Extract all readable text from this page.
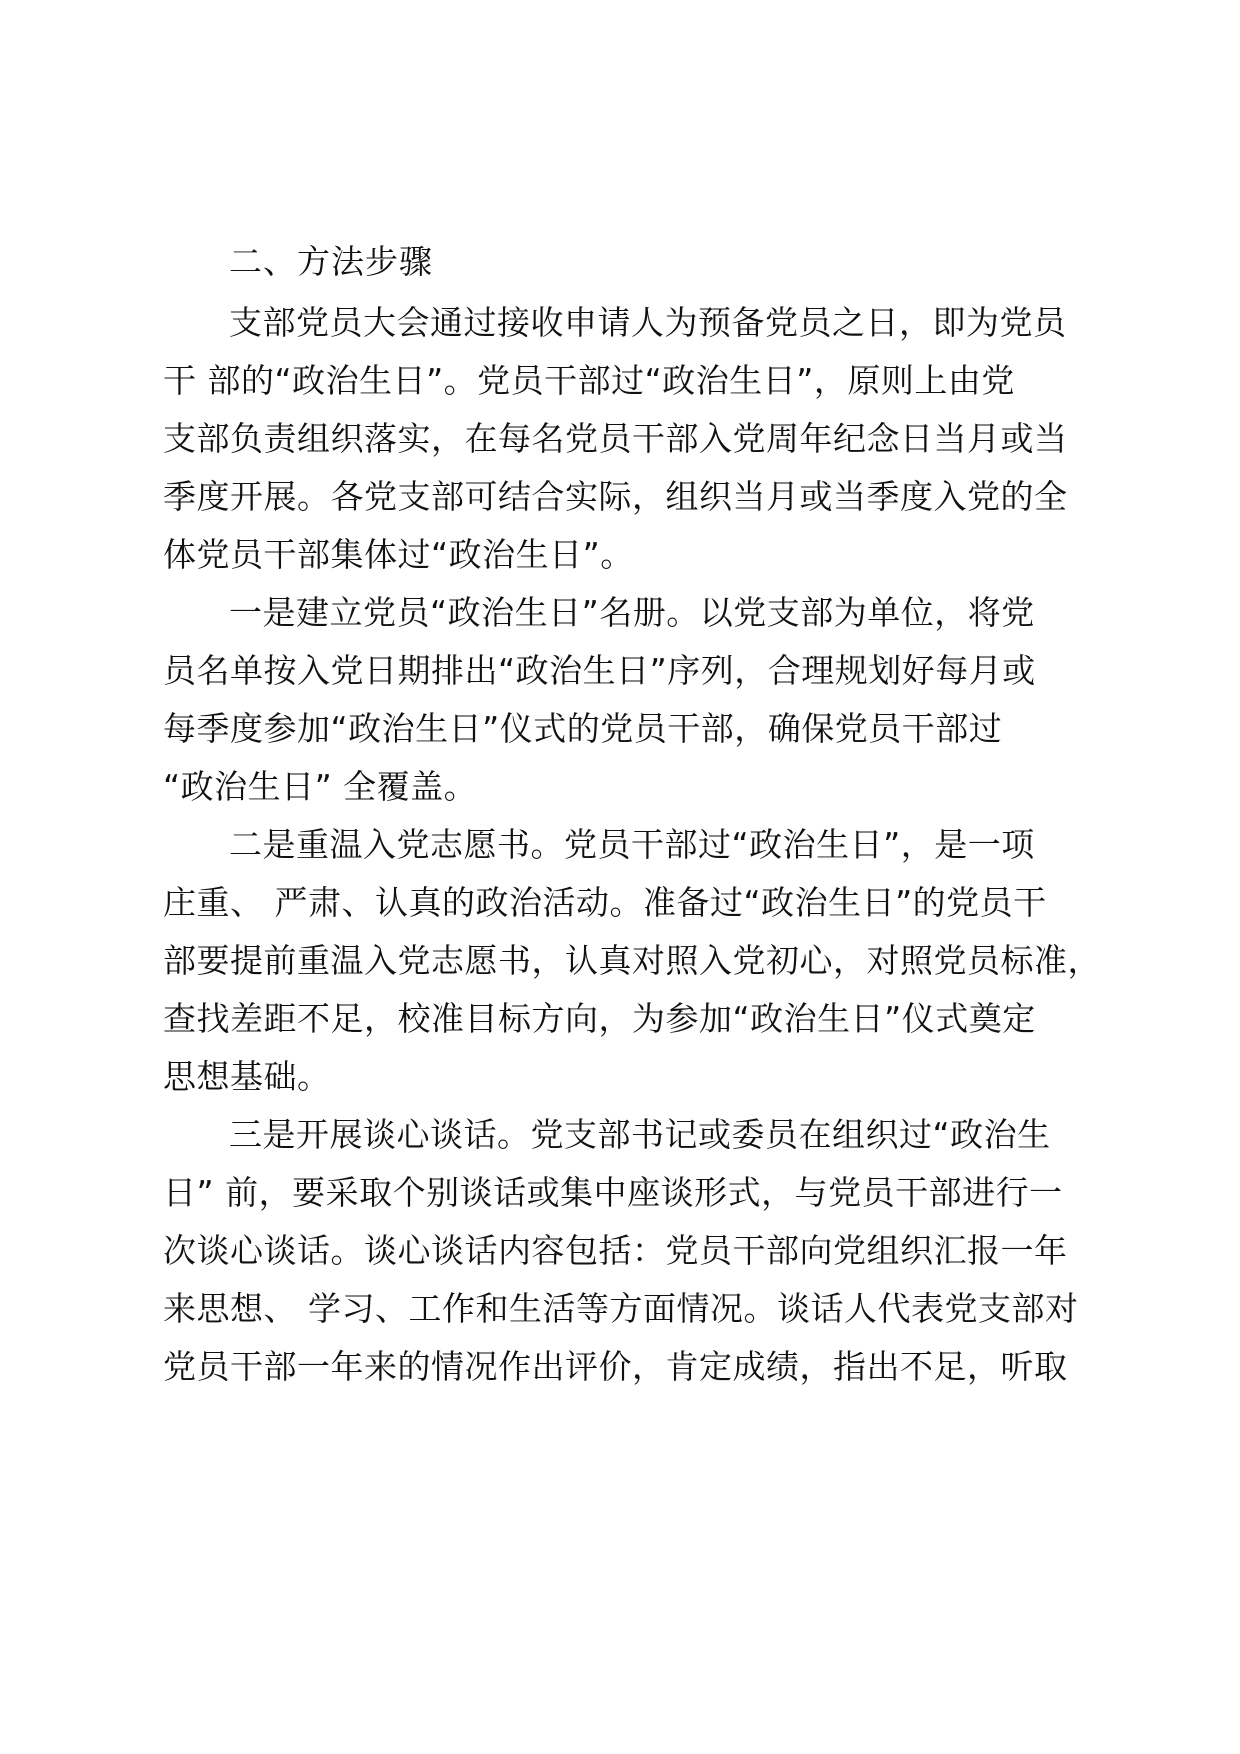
二、方法步骤
支部党员大会通过接收申请人为预备党员之日，即为党员
干 部的“政治生日”。党员干部过“政治生日”，原则上由党
支部负责组织落实，在每名党员干部入党周年纪念日当月或当
季度开展。各党支部可结合实际，组织当月或当季度入党的全
体党员干部集体过“政治生日”。
一是建立党员“政治生日”名册。以党支部为单位，将党
员名单按入党日期排出“政治生日”序列，合理规划好每月或
每季度参加“政治生日”仪式的党员干部，确保党员干部过
“政治生日” 全覆盖。
二是重温入党志愿书。党员干部过“政治生日”，是一项
庄重、 严肃、认真的政治活动。准备过“政治生日”的党员干
部要提前重温入党志愿书，认真对照入党初心，对照党员标准，
查找差距不足，校准目标方向，为参加“政治生日”仪式奠定
思想基础。
三是开展谈心谈话。党支部书记或委员在组织过“政治生
日” 前，要采取个别谈话或集中座谈形式，与党员干部进行一
次谈心谈话。谈心谈话内容包括：党员干部向党组织汇报一年
来思想、 学习、工作和生活等方面情况。谈话人代表党支部对
党员干部一年来的情况作出评价，肯定成绩，指出不足，听取
